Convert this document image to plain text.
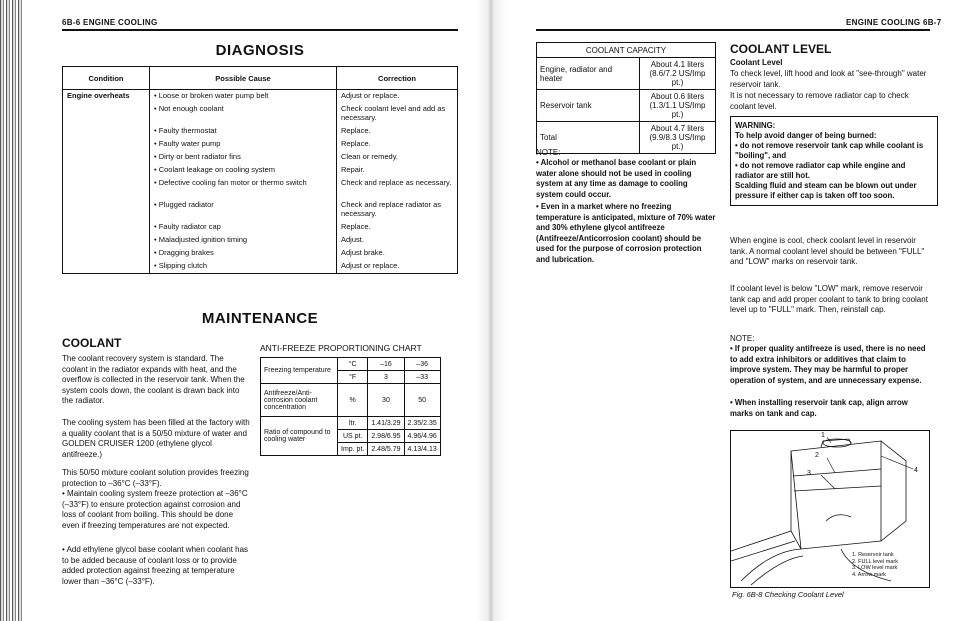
6B-6 ENGINE COOLING
DIAGNOSIS
Condition	Possible Cause	Correction
Engine overheats	• Loose or broken water pump belt	Adjust or replace.
	• Not enough coolant	Check coolant level and add as necessary.
	• Faulty thermostat	Replace.
	• Faulty water pump	Replace.
	• Dirty or bent radiator fins	Clean or remedy.
	• Coolant leakage on cooling system	Repair.
	• Defective cooling fan motor or thermo switch	Check and replace as necessary.
	• Plugged radiator	Check and replace radiator as necessary.
	• Faulty radiator cap	Replace.
	• Maladjusted ignition timing	Adjust.
	• Dragging brakes	Adjust brake.
	• Slipping clutch	Adjust or replace.
MAINTENANCE
COOLANT
The coolant recovery system is standard. The coolant in the radiator expands with heat, and the overflow is collected in the reservoir tank. When the system cools down, the coolant is drawn back into the radiator.
The cooling system has been filled at the factory with a quality coolant that is a 50/50 mixture of water and GOLDEN CRUISER 1200 (ethylene glycol antifreeze.)
This 50/50 mixture coolant solution provides freezing protection to –36°C (–33°F).
• Maintain cooling system freeze protection at –36°C (–33°F) to ensure protection against corrosion and loss of coolant from boiling. This should be done even if freezing temperatures are not expected.
• Add ethylene glycol base coolant when coolant has to be added because of coolant loss or to provide added protection against freezing at temperature lower than –36°C (–33°F).
ANTI-FREEZE PROPORTIONING CHART
Freezing temperature	°C	–16	–36
	°F	3	–33
Antifreeze/Anti-corrosion coolant concentration	%	30	50
Ratio of compound to cooling water	ltr.	1.41/3.29	2.35/2.35
	US pt.	2.98/6.95	4.96/4.96
	Imp. pt.	2.48/5.79	4.13/4.13
ENGINE COOLING 6B-7
COOLANT CAPACITY	
Engine, radiator and heater	About 4.1 liters
(8.6/7.2 US/Imp pt.)

Reservoir tank	About 0.6 liters
(1.3/1.1 US/Imp pt.)

Total	About 4.7 liters
(9.9/8.3 US/Imp pt.)
NOTE:
• Alcohol or methanol base coolant or plain water alone should not be used in cooling system at any time as damage to cooling system could occur.
• Even in a market where no freezing temperature is anticipated, mixture of 70% water and 30% ethylene glycol antifreeze (Antifreeze/Anticorrosion coolant) should be used for the purpose of corrosion protection and lubrication.
COOLANT LEVEL
Coolant Level
To check level, lift hood and look at "see-through" water reservoir tank.
It is not necessary to remove radiator cap to check coolant level.
WARNING:
To help avoid danger of being burned:
• do not remove reservoir tank cap while coolant is "boiling", and
• do not remove radiator cap while engine and radiator are still hot.
Scalding fluid and steam can be blown out under pressure if either cap is taken off too soon.
When engine is cool, check coolant level in reservoir tank. A normal coolant level should be between "FULL" and "LOW" marks on reservoir tank.
If coolant level is below "LOW" mark, remove reservoir tank cap and add proper coolant to tank to bring coolant level up to "FULL" mark. Then, reinstall cap.
NOTE:
• If proper quality antifreeze is used, there is no need to add extra inhibitors or additives that claim to improve system. They may be harmful to proper operation of system, and are unnecessary expense.
• When installing reservoir tank cap, align arrow marks on tank and cap.
1
2
3	4
1. Reservoir tank
2. FULL level mark
3. LOW level mark
4. Arrow mark
Fig. 6B-8 Checking Coolant Level
